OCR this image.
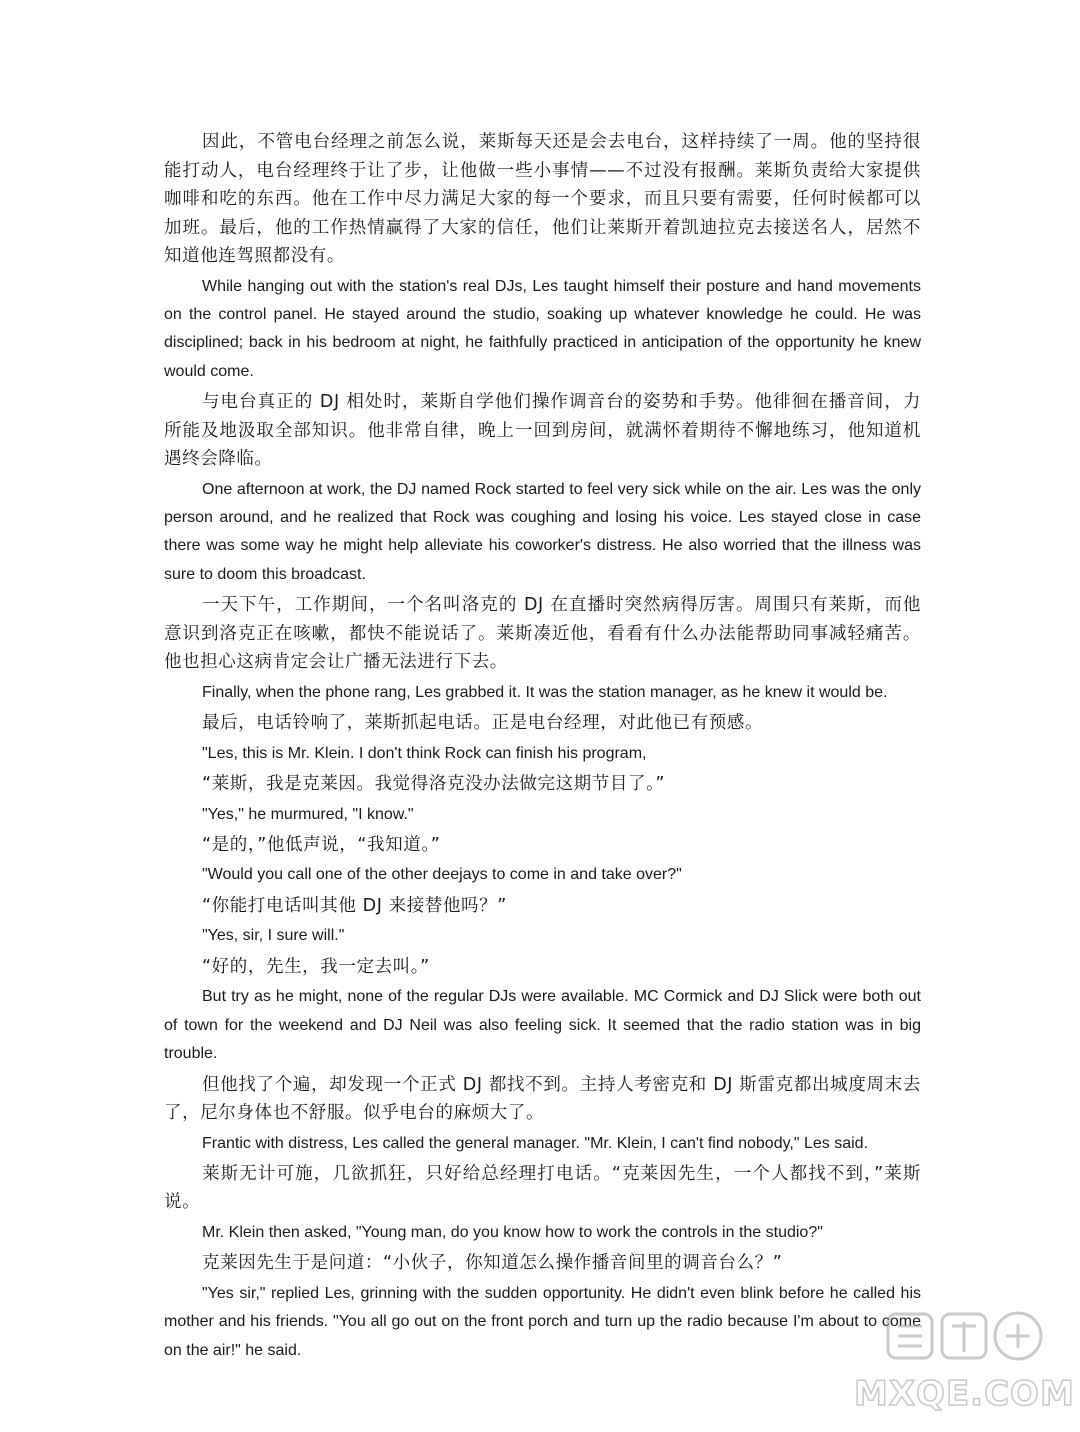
因此，不管电台经理之前怎么说，莱斯每天还是会去电台，这样持续了一周。他的坚持很能打动人，电台经理终于让了步，让他做一些小事情——不过没有报酬。莱斯负责给大家提供咖啡和吃的东西。他在工作中尽力满足大家的每一个要求，而且只要有需要，任何时候都可以加班。最后，他的工作热情赢得了大家的信任，他们让莱斯开着凯迪拉克去接送名人，居然不知道他连驾照都没有。

While hanging out with the station's real DJs, Les taught himself their posture and hand movements on the control panel. He stayed around the studio, soaking up whatever knowledge he could. He was disciplined; back in his bedroom at night, he faithfully practiced in anticipation of the opportunity he knew would come.

与电台真正的 DJ 相处时，莱斯自学他们操作调音台的姿势和手势。他徘徊在播音间，力所能及地汲取全部知识。他非常自律，晚上一回到房间，就满怀着期待不懈地练习，他知道机遇终会降临。

One afternoon at work, the DJ named Rock started to feel very sick while on the air. Les was the only person around, and he realized that Rock was coughing and losing his voice. Les stayed close in case there was some way he might help alleviate his coworker's distress. He also worried that the illness was sure to doom this broadcast.

一天下午，工作期间，一个名叫洛克的 DJ 在直播时突然病得厉害。周围只有莱斯，而他意识到洛克正在咳嗽，都快不能说话了。莱斯凑近他，看看有什么办法能帮助同事减轻痛苦。他也担心这病肯定会让广播无法进行下去。

Finally, when the phone rang, Les grabbed it. It was the station manager, as he knew it would be.

最后，电话铃响了，莱斯抓起电话。正是电台经理，对此他已有预感。

"Les, this is Mr. Klein. I don't think Rock can finish his program,

“莱斯，我是克莱因。我觉得洛克没办法做完这期节目了。”

"Yes," he murmured, "I know."

“是的，”他低声说，“我知道。”

"Would you call one of the other deejays to come in and take over?"

“你能打电话叫其他 DJ 来接替他吗？”

"Yes, sir, I sure will."

“好的，先生，我一定去叫。”

But try as he might, none of the regular DJs were available. MC Cormick and DJ Slick were both out of town for the weekend and DJ Neil was also feeling sick. It seemed that the radio station was in big trouble.

但他找了个遍，却发现一个正式 DJ 都找不到。主持人考密克和 DJ 斯雷克都出城度周末去了，尼尔身体也不舒服。似乎电台的麻烦大了。

Frantic with distress, Les called the general manager. "Mr. Klein, I can't find nobody," Les said.

莱斯无计可施，几欲抓狂，只好给总经理打电话。“克莱因先生，一个人都找不到，”莱斯说。

Mr. Klein then asked, "Young man, do you know how to work the controls in the studio?"

克莱因先生于是问道：“小伙子，你知道怎么操作播音间里的调音台么？”

"Yes sir," replied Les, grinning with the sudden opportunity. He didn't even blink before he called his mother and his friends. "You all go out on the front porch and turn up the radio because I'm about to come on the air!" he said.

MXQE.COM
